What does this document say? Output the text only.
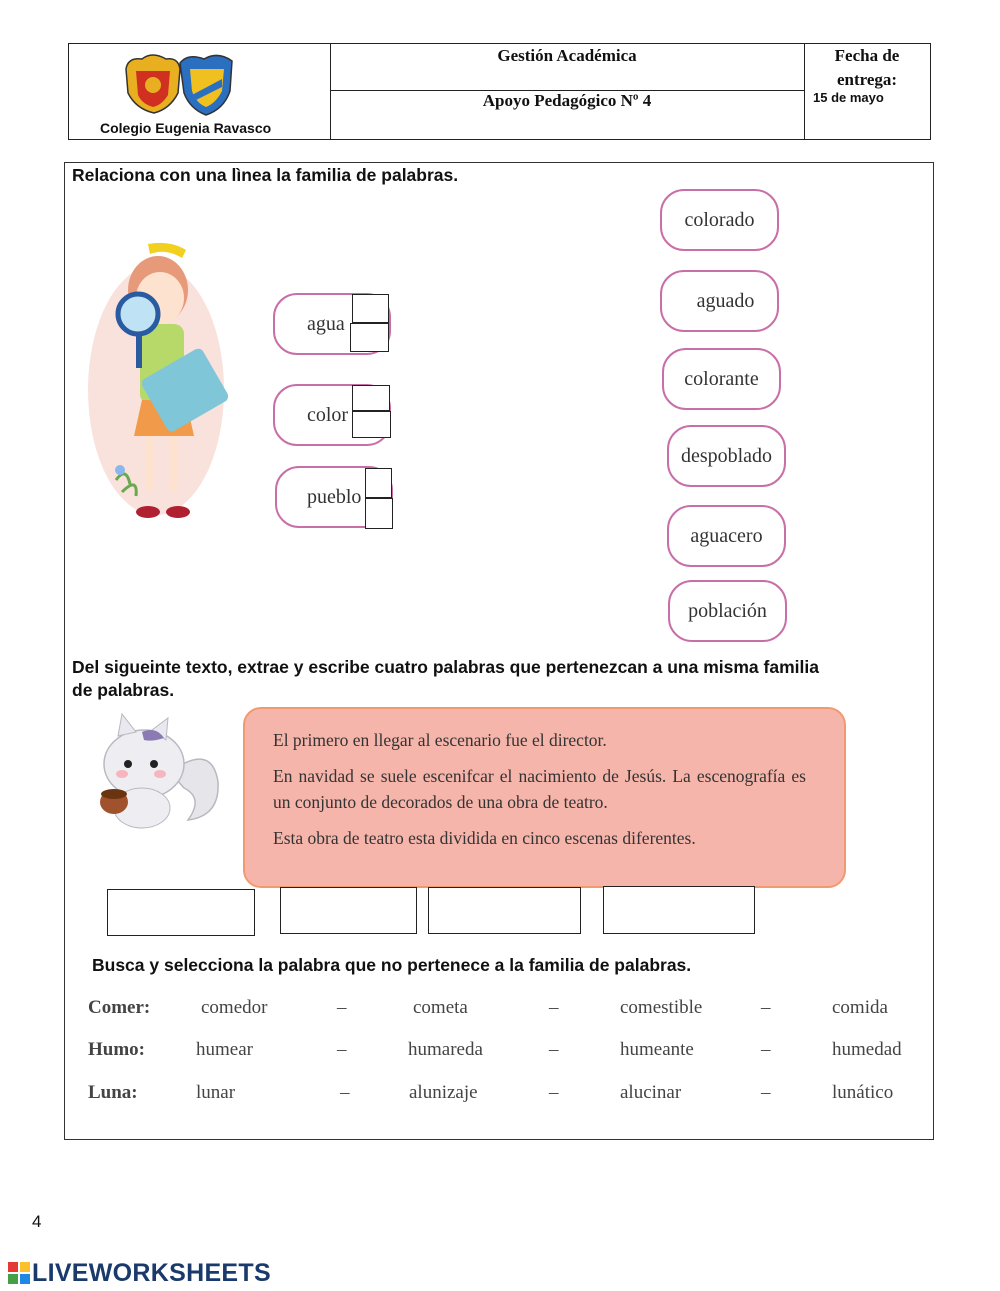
Colegio Eugenia Ravasco
Gestión Académica
Apoyo Pedagógico Nº 4
Fecha de
entrega:
15 de mayo
Relaciona con una lìnea la familia de palabras.
agua
color
pueblo
colorado
aguado
colorante
despoblado
aguacero
población
Del sigueinte texto, extrae y escribe cuatro palabras que pertenezcan a una misma familia
de palabras.

El primero en llegar al escenario fue el director.

En navidad se suele escenifcar el nacimiento de Jesús. La escenografía es un conjunto de decorados de una obra de teatro.

Esta obra de teatro esta dividida en cinco escenas diferentes.

Busca y selecciona la palabra que no pertenece a la familia de palabras.
Comer:	comedor	–	cometa	–	comestible	–	comida
Humo:	humear	–	humareda	–	humeante	–	humedad
Luna:	lunar	–	alunizaje	–	alucinar	–	lunático
4
LIVEWORKSHEETS
